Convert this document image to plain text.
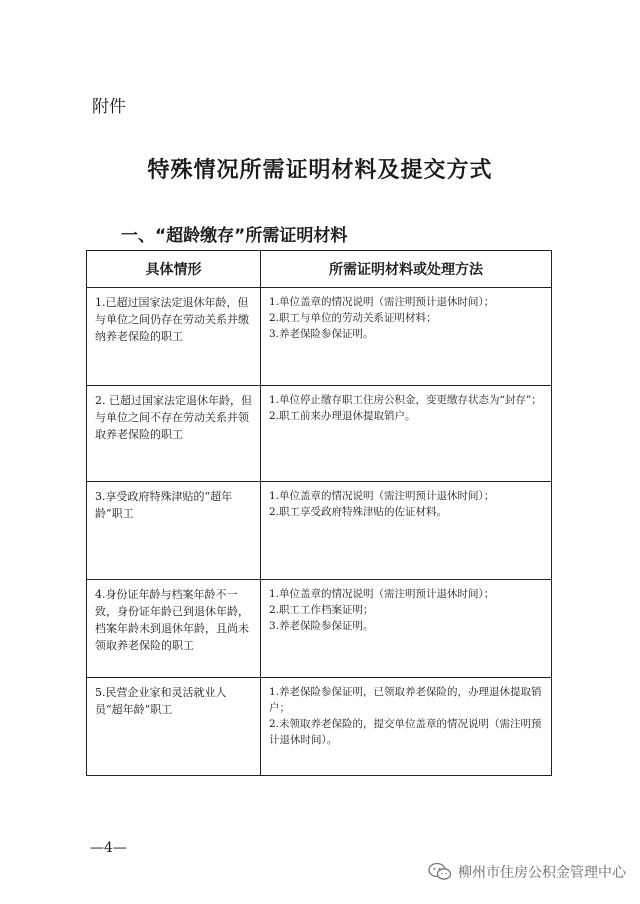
附件
特殊情况所需证明材料及提交方式
一、“超龄缴存”所需证明材料
具体情形	所需证明材料或处理方法
1.已超过国家法定退休年龄，但与单位之间仍存在劳动关系并缴纳养老保险的职工	1.单位盖章的情况说明（需注明预计退休时间）；
2.职工与单位的劳动关系证明材料；
3.养老保险参保证明。

2. 已超过国家法定退休年龄，但与单位之间不存在劳动关系并领取养老保险的职工	1.单位停止缴存职工住房公积金，变更缴存状态为“封存”；
2.职工前来办理退休提取销户。

3.享受政府特殊津贴的“超年龄”职工	1.单位盖章的情况说明（需注明预计退休时间）；
2.职工享受政府特殊津贴的佐证材料。

4.身份证年龄与档案年龄不一致，身份证年龄已到退休年龄，档案年龄未到退休年龄，且尚未领取养老保险的职工	1.单位盖章的情况说明（需注明预计退休时间）；
2.职工工作档案证明；
3.养老保险参保证明。

5.民营企业家和灵活就业人员“超年龄”职工	1.养老保险参保证明，已领取养老保险的，办理退休提取销户；
2.未领取养老保险的，提交单位盖章的情况说明（需注明预计退休时间）。
—4—
柳州市住房公积金管理中心
